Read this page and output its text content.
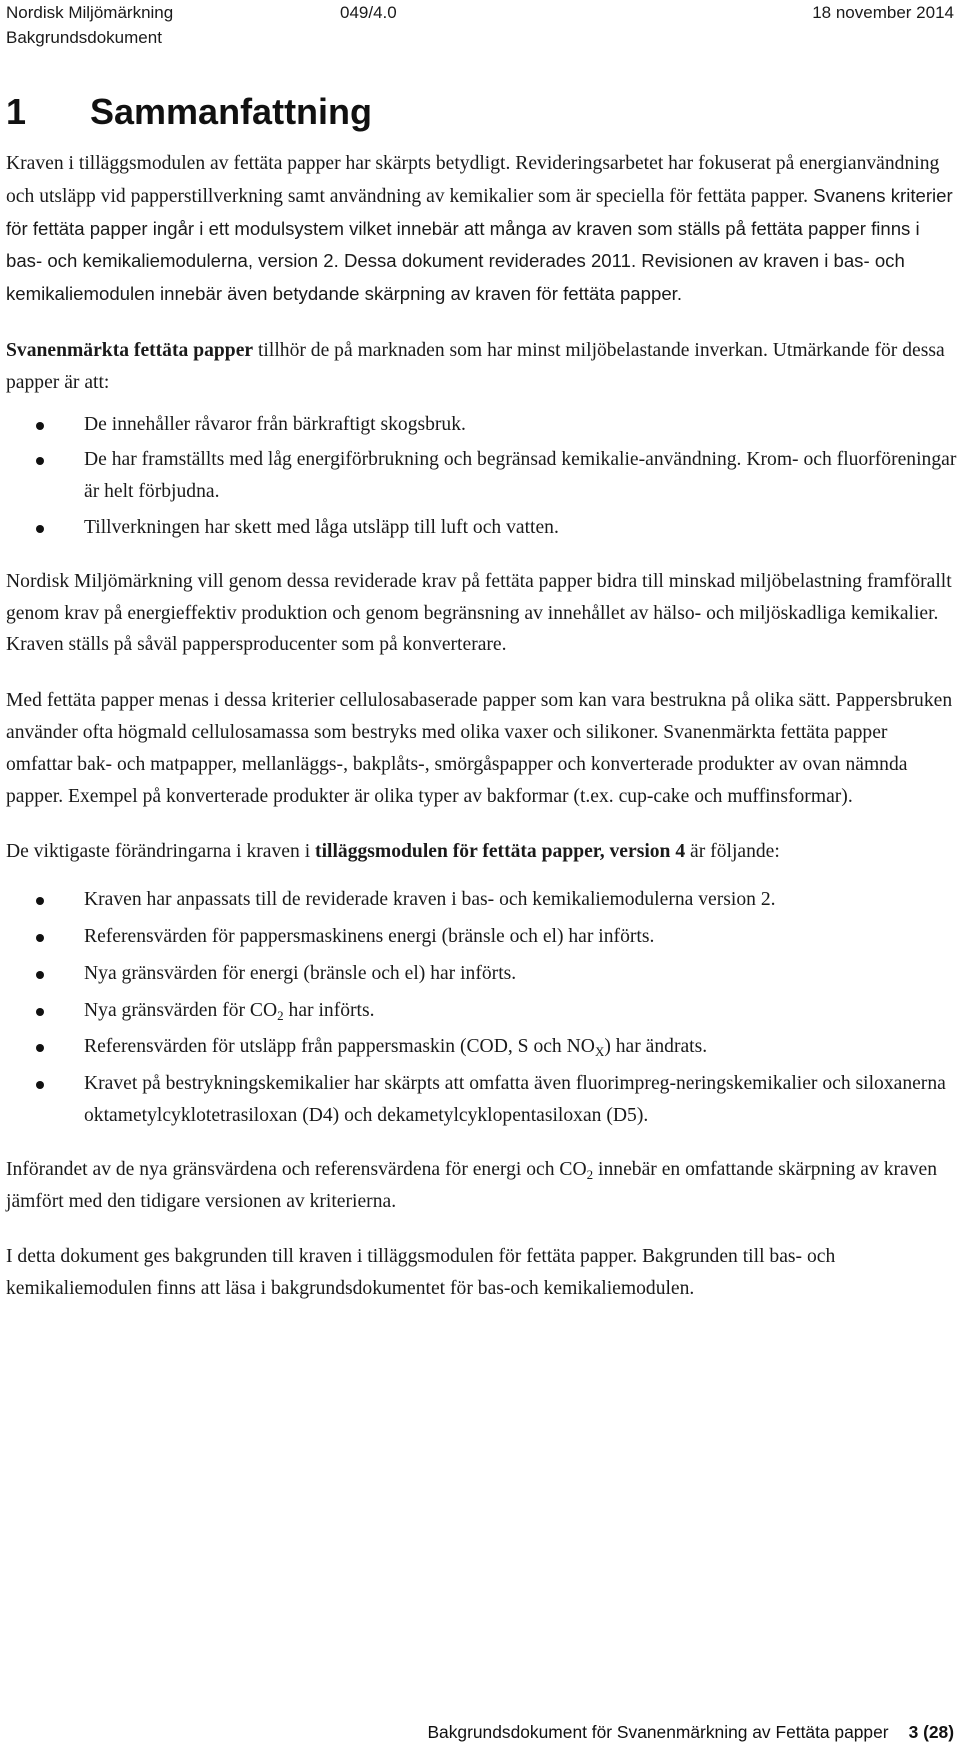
Nordisk Miljömärkning	049/4.0	18 november 2014
Bakgrundsdokument
1 Sammanfattning

Kraven i tilläggsmodulen av fettäta papper har skärpts betydligt. Revideringsarbetet har fokuserat på energianvändning och utsläpp vid papperstillverkning samt användning av kemikalier som är speciella för fettäta papper. Svanens kriterier för fettäta papper ingår i ett modulsystem vilket innebär att många av kraven som ställs på fettäta papper finns i bas- och kemikaliemodulerna, version 2. Dessa dokument reviderades 2011. Revisionen av kraven i bas- och kemikaliemodulen innebär även betydande skärpning av kraven för fettäta papper.

Svanenmärkta fettäta papper tillhör de på marknaden som har minst miljöbelastande inverkan. Utmärkande för dessa papper är att:

De innehåller råvaror från bärkraftigt skogsbruk.
De har framställts med låg energiförbrukning och begränsad kemikalie-användning. Krom- och fluorföreningar är helt förbjudna.
Tillverkningen har skett med låga utsläpp till luft och vatten.

Nordisk Miljömärkning vill genom dessa reviderade krav på fettäta papper bidra till minskad miljöbelastning framförallt genom krav på energieffektiv produktion och genom begränsning av innehållet av hälso- och miljöskadliga kemikalier. Kraven ställs på såväl pappersproducenter som på konverterare.

Med fettäta papper menas i dessa kriterier cellulosabaserade papper som kan vara bestrukna på olika sätt. Pappersbruken använder ofta högmald cellulosamassa som bestryks med olika vaxer och silikoner. Svanenmärkta fettäta papper omfattar bak- och matpapper, mellanläggs-, bakplåts-, smörgåspapper och konverterade produkter av ovan nämnda papper. Exempel på konverterade produkter är olika typer av bakformar (t.ex. cup-cake och muffinsformar).

De viktigaste förändringarna i kraven i tilläggsmodulen för fettäta papper, version 4 är följande:

Kraven har anpassats till de reviderade kraven i bas- och kemikaliemodulerna version 2.
Referensvärden för pappersmaskinens energi (bränsle och el) har införts.
Nya gränsvärden för energi (bränsle och el) har införts.
Nya gränsvärden för $CO_2$ har införts.
Referensvärden för utsläpp från pappersmaskin (COD, S och $NO_X$) har ändrats.
Kravet på bestrykningskemikalier har skärpts att omfatta även fluorimpreg-neringskemikalier och siloxanerna oktametylcyklotetrasiloxan (D4) och dekametylcyklopentasiloxan (D5).

Införandet av de nya gränsvärdena och referensvärdena för energi och $CO_2$ innebär en omfattande skärpning av kraven jämfört med den tidigare versionen av kriterierna.

I detta dokument ges bakgrunden till kraven i tilläggsmodulen för fettäta papper. Bakgrunden till bas- och kemikaliemodulen finns att läsa i bakgrundsdokumentet för bas-och kemikaliemodulen.

Bakgrundsdokument för Svanenmärkning av Fettäta papper 3 (28)
